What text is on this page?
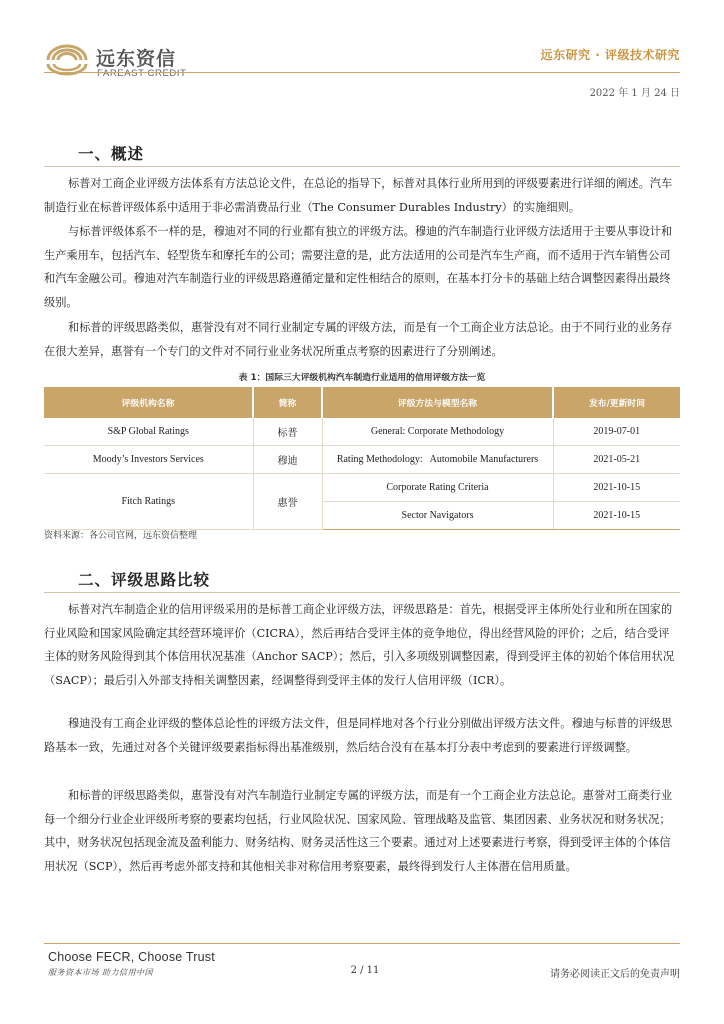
远东资信
FAREAST CREDIT
远东研究 · 评级技术研究
2022 年 1 月 24 日
一、概述

标普对工商企业评级方法体系有方法总论文件，在总论的指导下，标普对具体行业所用到的评级要素进行详细的阐述。汽车制造行业在标普评级体系中适用于非必需消费品行业（The Consumer Durables Industry）的实施细则。

与标普评级体系不一样的是，穆迪对不同的行业都有独立的评级方法。穆迪的汽车制造行业评级方法适用于主要从事设计和生产乘用车，包括汽车、轻型货车和摩托车的公司；需要注意的是，此方法适用的公司是汽车生产商，而不适用于汽车销售公司和汽车金融公司。穆迪对汽车制造行业的评级思路遵循定量和定性相结合的原则，在基本打分卡的基础上结合调整因素得出最终级别。

和标普的评级思路类似，惠誉没有对不同行业制定专属的评级方法，而是有一个工商企业方法总论。由于不同行业的业务存在很大差异，惠誉有一个专门的文件对不同行业业务状况所重点考察的因素进行了分别阐述。

表 1：国际三大评级机构汽车制造行业适用的信用评级方法一览
评级机构名称	简称	评级方法与模型名称	发布/更新时间
S&P Global Ratings	标普	General: Corporate Methodology	2019-07-01
Moody’s Investors Services	穆迪	Rating Methodology:   Automobile Manufacturers	2021-05-21
Fitch Ratings	惠誉	Corporate Rating Criteria	2021-10-15
		Sector Navigators	2021-10-15
资料来源：各公司官网，远东资信整理
二、评级思路比较

标普对汽车制造企业的信用评级采用的是标普工商企业评级方法，评级思路是：首先，根据受评主体所处行业和所在国家的行业风险和国家风险确定其经营环境评价（CICRA），然后再结合受评主体的竞争地位，得出经营风险的评价；之后，结合受评主体的财务风险得到其个体信用状况基准（Anchor SACP）；然后，引入多项级别调整因素，得到受评主体的初始个体信用状况（SACP）；最后引入外部支持相关调整因素，经调整得到受评主体的发行人信用评级（ICR）。

穆迪没有工商企业评级的整体总论性的评级方法文件，但是同样地对各个行业分别做出评级方法文件。穆迪与标普的评级思路基本一致，先通过对各个关键评级要素指标得出基准级别，然后结合没有在基本打分表中考虑到的要素进行评级调整。

和标普的评级思路类似，惠誉没有对汽车制造行业制定专属的评级方法，而是有一个工商企业方法总论。惠誉对工商类行业每一个细分行业企业评级所考察的要素均包括，行业风险状况、国家风险、管理战略及监管、集团因素、业务状况和财务状况；其中，财务状况包括现金流及盈利能力、财务结构、财务灵活性这三个要素。通过对上述要素进行考察，得到受评主体的个体信用状况（SCP），然后再考虑外部支持和其他相关非对称信用考察要素，最终得到发行人主体潜在信用质量。

Choose FECR, Choose Trust
服务资本市场 助力信用中国	2 / 11	请务必阅读正文后的免责声明
